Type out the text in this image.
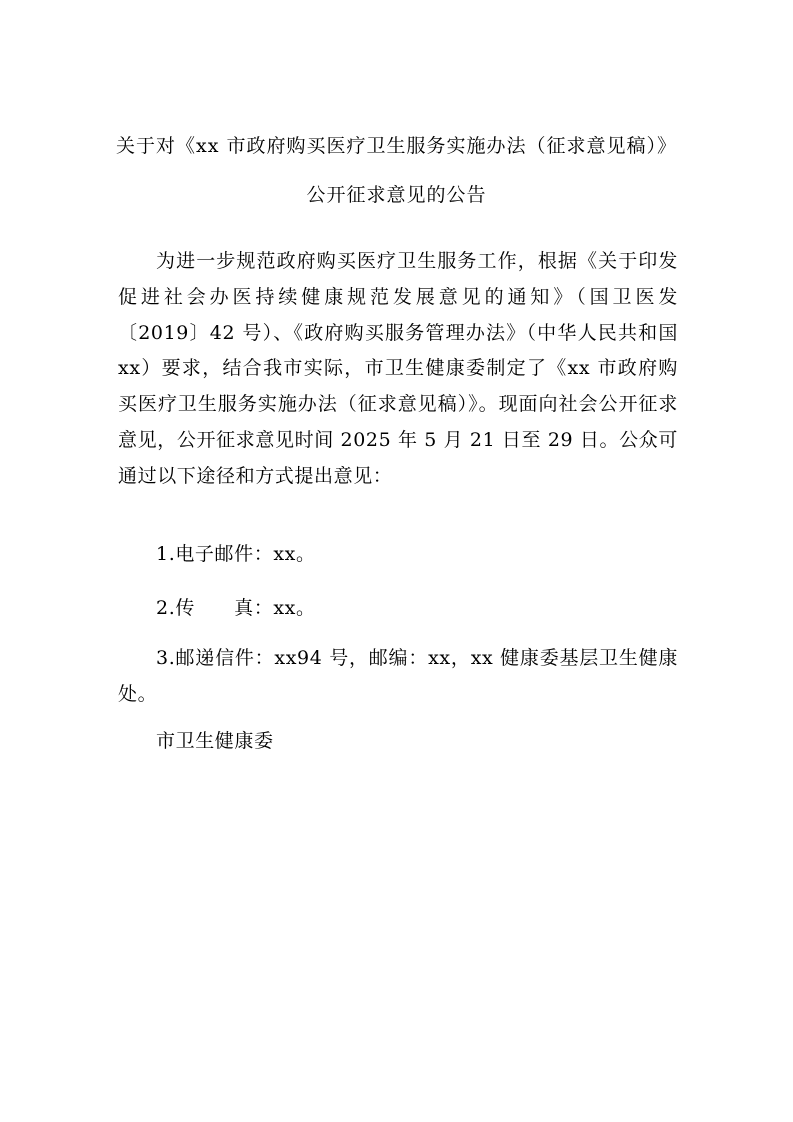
关于对《xx 市政府购买医疗卫生服务实施办法（征求意见稿）》
公开征求意见的公告

为进一步规范政府购买医疗卫生服务工作，根据《关于印发促进社会办医持续健康规范发展意见的通知》（国卫医发〔2019〕42 号）、《政府购买服务管理办法》（中华人民共和国 xx）要求，结合我市实际，市卫生健康委制定了《xx 市政府购买医疗卫生服务实施办法（征求意见稿）》。现面向社会公开征求意见，公开征求意见时间 2025 年 5 月 21 日至 29 日。公众可通过以下途径和方式提出意见：

1.电子邮件：xx。

2.传　　真：xx。

3.邮递信件：xx94 号，邮编：xx，xx 健康委基层卫生健康处。

市卫生健康委
